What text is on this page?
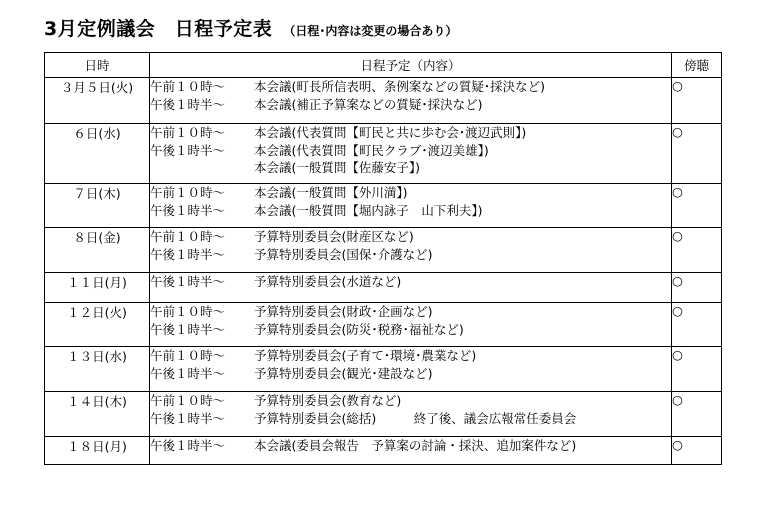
3月定例議会　日程予定表 （日程･内容は変更の場合あり）
日時	日程予定（内容）	傍聴
３月５日(火)	午前１０時～ 本会議(町長所信表明、条例案などの質疑･採決など)
午後１時半～ 本会議(補正予算案などの質疑･採決など)	○
６日(水)	午前１０時～ 本会議(代表質問【町民と共に歩む会･渡辺武則】)
午後１時半～ 本会議(代表質問【町民クラブ･渡辺美雄】)
本会議(一般質問【佐藤安子】)	○
７日(木)	午前１０時～ 本会議(一般質問【外川満】)
午後１時半～ 本会議(一般質問【堀内詠子　山下利夫】)	○
８日(金)	午前１０時～ 予算特別委員会(財産区など)
午後１時半～ 予算特別委員会(国保･介護など)	○
１１日(月)	午後１時半～ 予算特別委員会(水道など)	○
１２日(火)	午前１０時～ 予算特別委員会(財政･企画など)
午後１時半～ 予算特別委員会(防災･税務･福祉など)	○
１３日(水)	午前１０時～ 予算特別委員会(子育て･環境･農業など)
午後１時半～ 予算特別委員会(観光･建設など)	○
１４日(木)	午前１０時～ 予算特別委員会(教育など)
午後１時半～ 予算特別委員会(総括)　　　終了後、議会広報常任委員会	○
１８日(月)	午後１時半～ 本会議(委員会報告　予算案の討論・採決、追加案件など)	○
